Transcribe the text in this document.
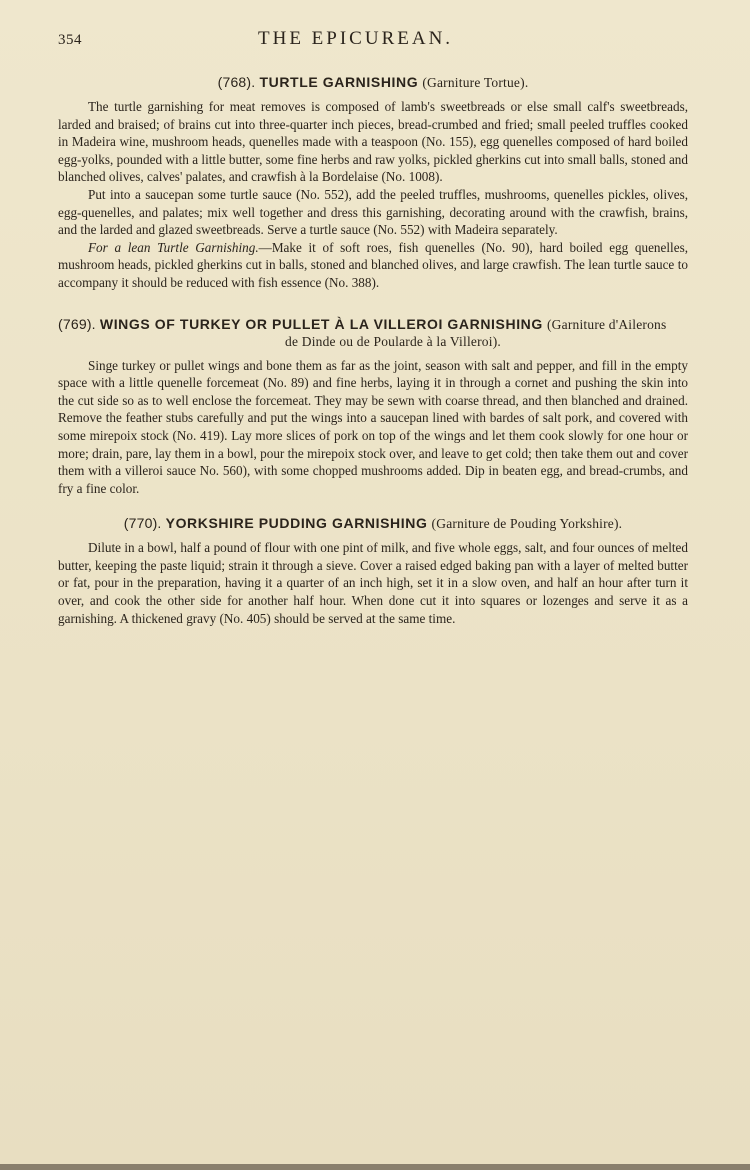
354	THE EPICUREAN.
(768). TURTLE GARNISHING (Garniture Tortue).

The turtle garnishing for meat removes is composed of lamb's sweetbreads or else small calf's sweetbreads, larded and braised; of brains cut into three-quarter inch pieces, bread-crumbed and fried; small peeled truffles cooked in Madeira wine, mushroom heads, quenelles made with a teaspoon (No. 155), egg quenelles composed of hard boiled egg-yolks, pounded with a little butter, some fine herbs and raw yolks, pickled gherkins cut into small balls, stoned and blanched olives, calves' palates, and crawfish à la Bordelaise (No. 1008).

Put into a saucepan some turtle sauce (No. 552), add the peeled truffles, mushrooms, quenelles pickles, olives, egg-quenelles, and palates; mix well together and dress this garnishing, decorating around with the crawfish, brains, and the larded and glazed sweetbreads. Serve a turtle sauce (No. 552) with Madeira separately.

For a lean Turtle Garnishing.—Make it of soft roes, fish quenelles (No. 90), hard boiled egg quenelles, mushroom heads, pickled gherkins cut in balls, stoned and blanched olives, and large crawfish. The lean turtle sauce to accompany it should be reduced with fish essence (No. 388).

(769). WINGS OF TURKEY OR PULLET À LA VILLEROI GARNISHING (Garniture d'Ailerons
de Dinde ou de Poularde à la Villeroi).

Singe turkey or pullet wings and bone them as far as the joint, season with salt and pepper, and fill in the empty space with a little quenelle forcemeat (No. 89) and fine herbs, laying it in through a cornet and pushing the skin into the cut side so as to well enclose the forcemeat. They may be sewn with coarse thread, and then blanched and drained. Remove the feather stubs carefully and put the wings into a saucepan lined with bardes of salt pork, and covered with some mirepoix stock (No. 419). Lay more slices of pork on top of the wings and let them cook slowly for one hour or more; drain, pare, lay them in a bowl, pour the mirepoix stock over, and leave to get cold; then take them out and cover them with a villeroi sauce No. 560), with some chopped mushrooms added. Dip in beaten egg, and bread-crumbs, and fry a fine color.

(770). YORKSHIRE PUDDING GARNISHING (Garniture de Pouding Yorkshire).

Dilute in a bowl, half a pound of flour with one pint of milk, and five whole eggs, salt, and four ounces of melted butter, keeping the paste liquid; strain it through a sieve. Cover a raised edged baking pan with a layer of melted butter or fat, pour in the preparation, having it a quarter of an inch high, set it in a slow oven, and half an hour after turn it over, and cook the other side for another half hour. When done cut it into squares or lozenges and serve it as a garnishing. A thickened gravy (No. 405) should be served at the same time.
